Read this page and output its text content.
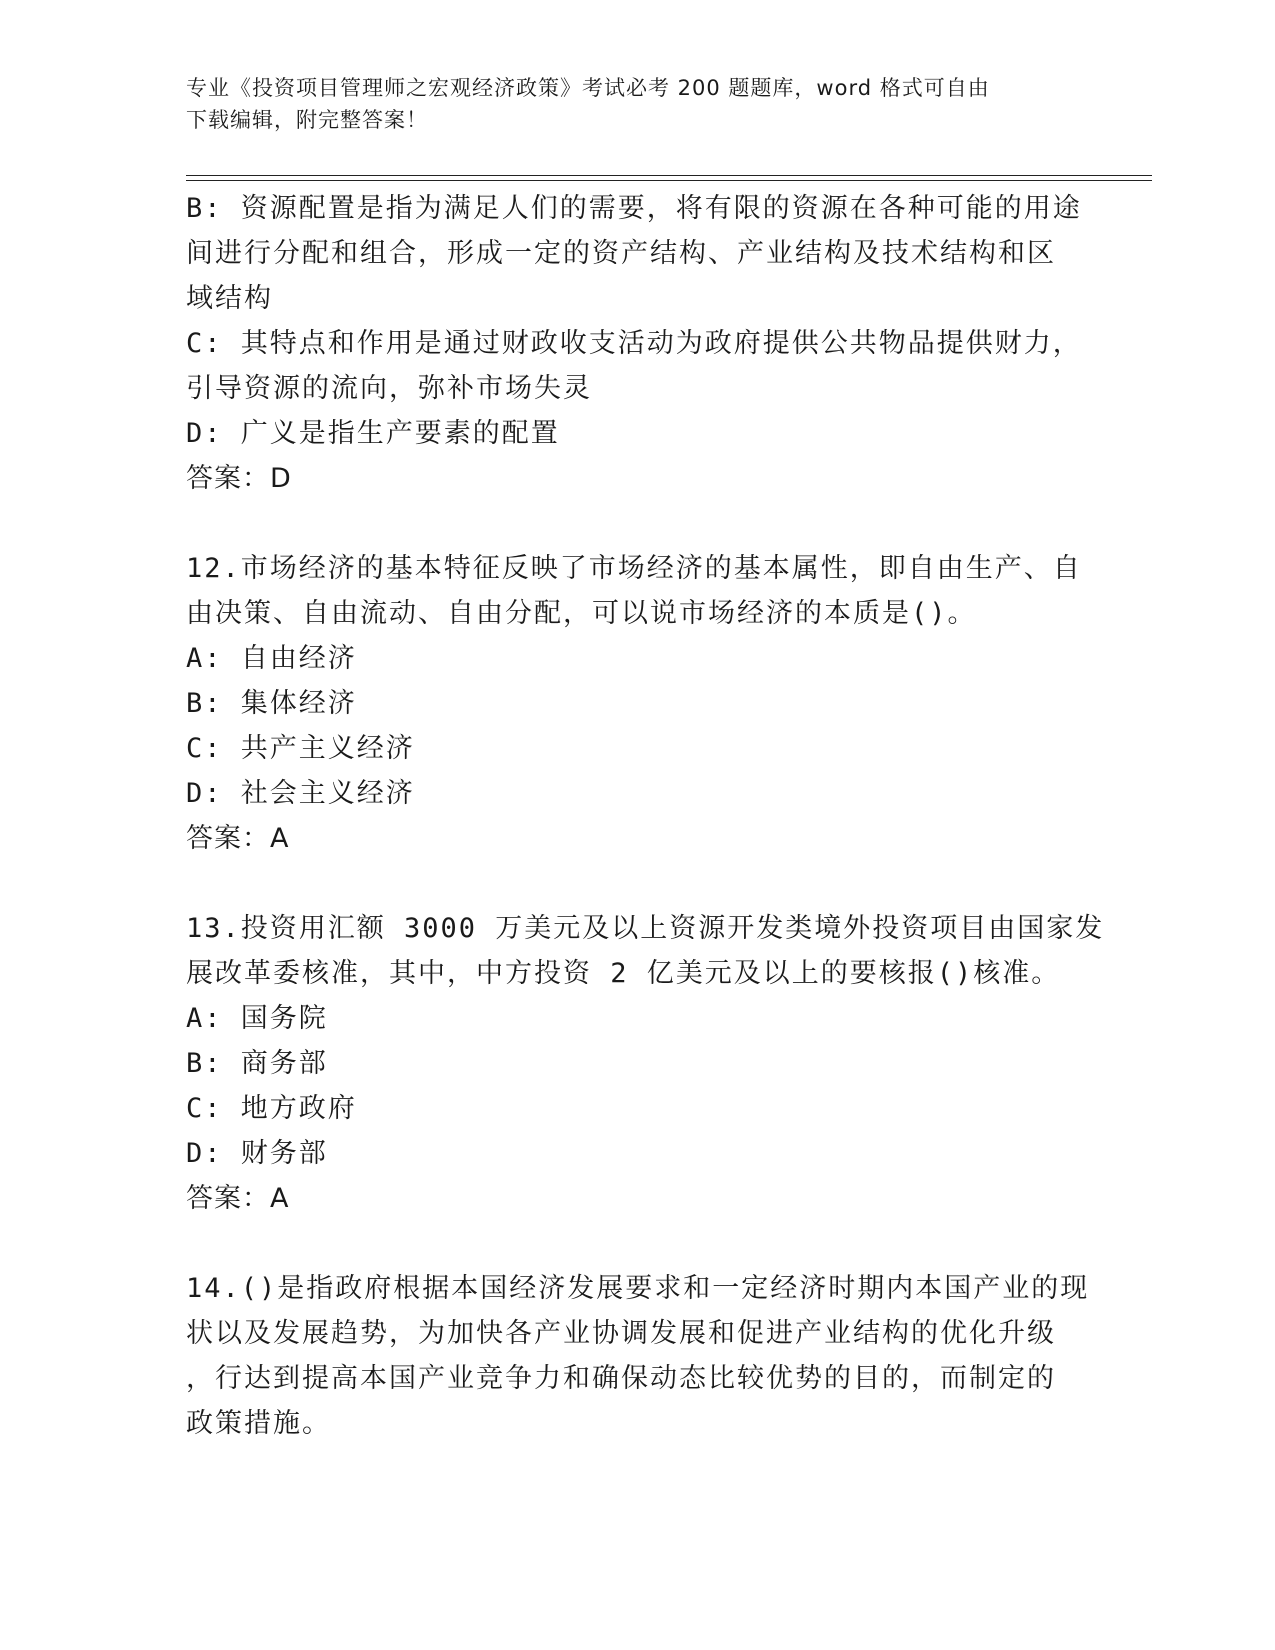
专业《投资项目管理师之宏观经济政策》考试必考 200 题题库，word 格式可自由
下载编辑，附完整答案！
B: 资源配置是指为满足人们的需要，将有限的资源在各种可能的用途
间进行分配和组合，形成一定的资产结构、产业结构及技术结构和区
域结构
C: 其特点和作用是通过财政收支活动为政府提供公共物品提供财力，
引导资源的流向，弥补市场失灵
D: 广义是指生产要素的配置
答案：D
12.市场经济的基本特征反映了市场经济的基本属性，即自由生产、自
由决策、自由流动、自由分配，可以说市场经济的本质是()。
A: 自由经济
B: 集体经济
C: 共产主义经济
D: 社会主义经济
答案：A
13.投资用汇额 3000 万美元及以上资源开发类境外投资项目由国家发
展改革委核准，其中，中方投资 2 亿美元及以上的要核报()核准。
A: 国务院
B: 商务部
C: 地方政府
D: 财务部
答案：A
14.()是指政府根据本国经济发展要求和一定经济时期内本国产业的现
状以及发展趋势，为加快各产业协调发展和促进产业结构的优化升级
，行达到提高本国产业竞争力和确保动态比较优势的目的，而制定的
政策措施。
